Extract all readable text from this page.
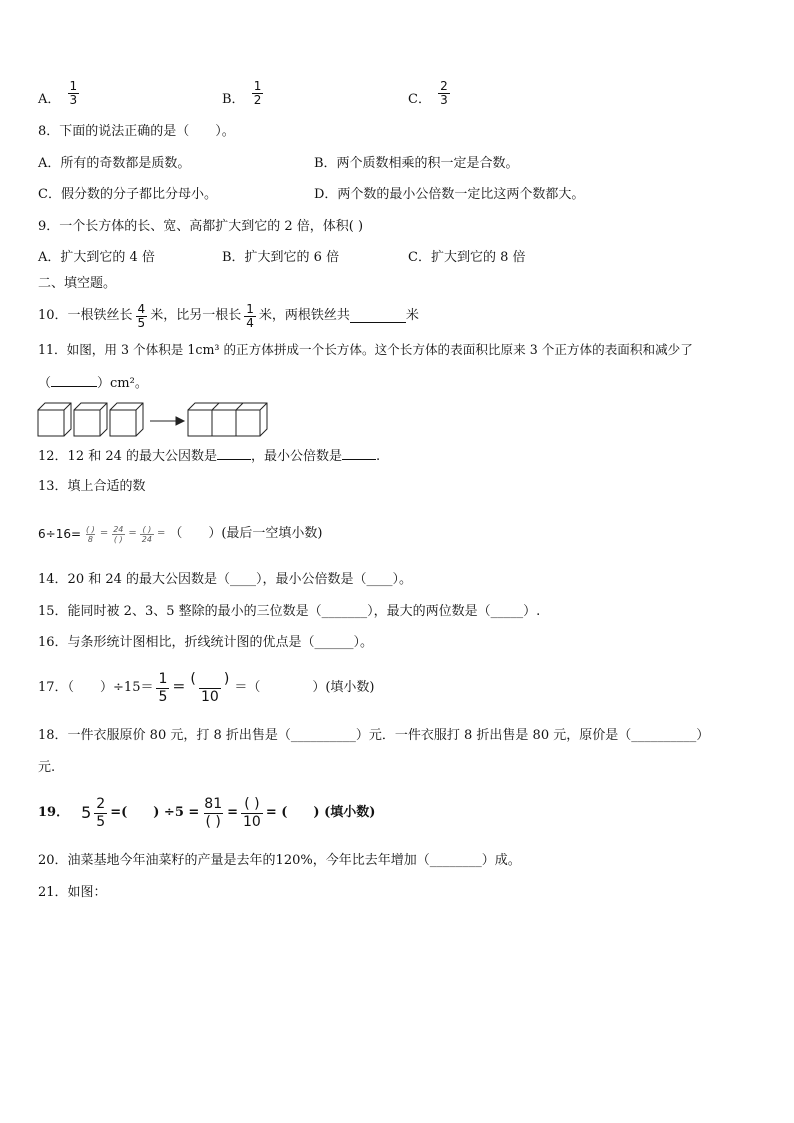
A． $\frac{1}{3}$	B． $\frac{1}{2}$	C． $\frac{2}{3}$
8．下面的说法正确的是（　　）。
A．所有的奇数都是质数。	B．两个质数相乘的积一定是合数。
C．假分数的分子都比分母小。	D．两个数的最小公倍数一定比这两个数都大。
9．一个长方体的长、宽、高都扩大到它的 2 倍，体积( )
A．扩大到它的 4 倍	B．扩大到它的 6 倍	C．扩大到它的 8 倍
二、填空题。
10．一根铁丝长 $\frac{4}{5}$ 米，比另一根长 $\frac{1}{4}$ 米，两根铁丝共	米
11．如图，用 3 个体积是 1cm³ 的正方体拼成一个长方体。这个长方体的表面积比原来 3 个正方体的表面积和减少了
（	）cm²。
12．12 和 24 的最大公因数是	，最小公倍数是	.
13．填上合适的数
$6\div 16= \frac{( )}{8} = \frac{24}{( )} = \frac{( )}{24}$ = （　　）(最后一空填小数)
14．20 和 24 的最大公因数是（____），最小公倍数是（____）。
15．能同时被 2、3、5 整除的最小的三位数是（_______），最大的两位数是（_____）.
16．与条形统计图相比，折线统计图的优点是（______）。
17．（　　）$\div 15= \frac{1}{5} = \frac{( )}{10}$ ＝（　　　　）(填小数)
18．一件衣服原价 80 元，打 8 折出售是（__________）元．一件衣服打 8 折出售是 80 元，原价是（__________）
元.
19． $5 \frac{2}{5}$ =(　　) $\div 5 = \frac{81}{( )} = \frac{( )}{10}$ = (　　) (填小数)
20．油菜基地今年油菜籽的产量是去年的120%，今年比去年增加（________）成。
21．如图：
